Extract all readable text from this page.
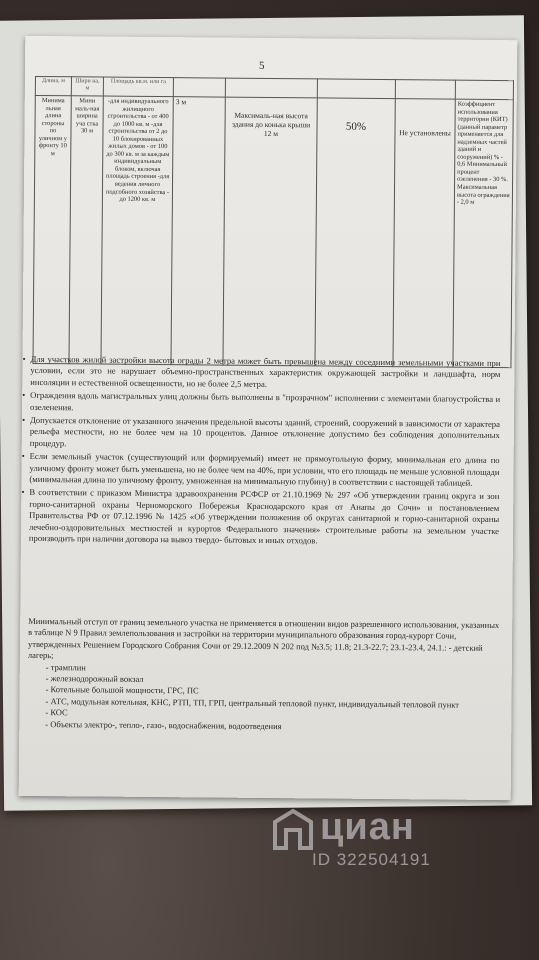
5
Длина, м	Шири на, м	Площадь кв.м. или га					
Минима льная длина стороны по уличном у фронту 10 м	Мини маль-ная ширина уча стка 30 м	-для индивидуального жилищного строительства - от 400 до 1000 кв. м -для строительства от 2 до 10 блокированных жилых домов - от 100 до 300 кв. м за каждым индивидуальным блоком, включая площадь строения -для ведения личного подсобного хозяйства - до 1200 кв. м	3 м	Максималь-ная высота здания до конька крыши 12 м	50%	Не установлены	Коэффициент использования территории (КИТ) (данный параметр применяется для надземных частей зданий и сооружений) % - 0,6 Минимальный процент озеленения - 30 %. Максимальная высота ограждения - 2,0 м

• Для участков жилой застройки высота ограды 2 метра может быть превышена между соседними земельными участками при условии, если это не нарушает объемно-пространственных характеристик окружающей застройки и ландшафта, норм инсоляции и естественной освещенности, но не более 2,5 метра.

• Ограждения вдоль магистральных улиц должны быть выполнены в "прозрачном" исполнении с элементами благоустройства и озеленения.

• Допускается отклонение от указанного значения предельной высоты зданий, строений, сооружений в зависимости от характера рельефа местности, но не более чем на 10 процентов. Данное отклонение допустимо без соблюдения дополнительных процедур.

• Если земельный участок (существующий или формируемый) имеет не прямоугольную форму, минимальная его длина по уличному фронту может быть уменьшена, но не более чем на 40%, при условии, что его площадь не меньше условной площади (минимальная длина по уличному фронту, умноженная на минимальную глубину) в соответствии с настоящей таблицей.

• В соответствии с приказом Министра здравоохранения РСФСР от 21.10.1969 № 297 «Об утверждении границ округа и зон горно-санитарной охраны Черноморского Побережья Краснодарского края от Анапы до Сочи» и постановлением Правительства РФ от 07.12.1996 № 1425 «Об утверждении положения об округах санитарной и горно-санитарной охраны лечебно-оздоровительных местностей и курортов Федерального значения» строительные работы на земельном участке производить при наличии договора на вывоз твердо- бытовых и иных отходов.

Минимальный отступ от границ земельного участка не применяется в отношении видов разрешенного использования, указанных в таблице N 9 Правил землепользования и застройки на территории муниципального образования город-курорт Сочи, утвержденных Решением Городского Собрания Сочи от 29.12.2009 N 202 под №3.5; 11.8; 21.3-22.7; 23.1-23.4, 24.1.: - детский лагерь;

- трамплин

- железнодорожный вокзал

- Котельные большой мощности, ГРС, ПС

- АТС, модульная котельная, КНС, РТП, ТП, ГРП, центральный тепловой пункт, индивидуальный тепловой пункт

- КОС

- Объекты электро-, тепло-, газо-, водоснабжения, водоотведения

циан
ID 322504191
